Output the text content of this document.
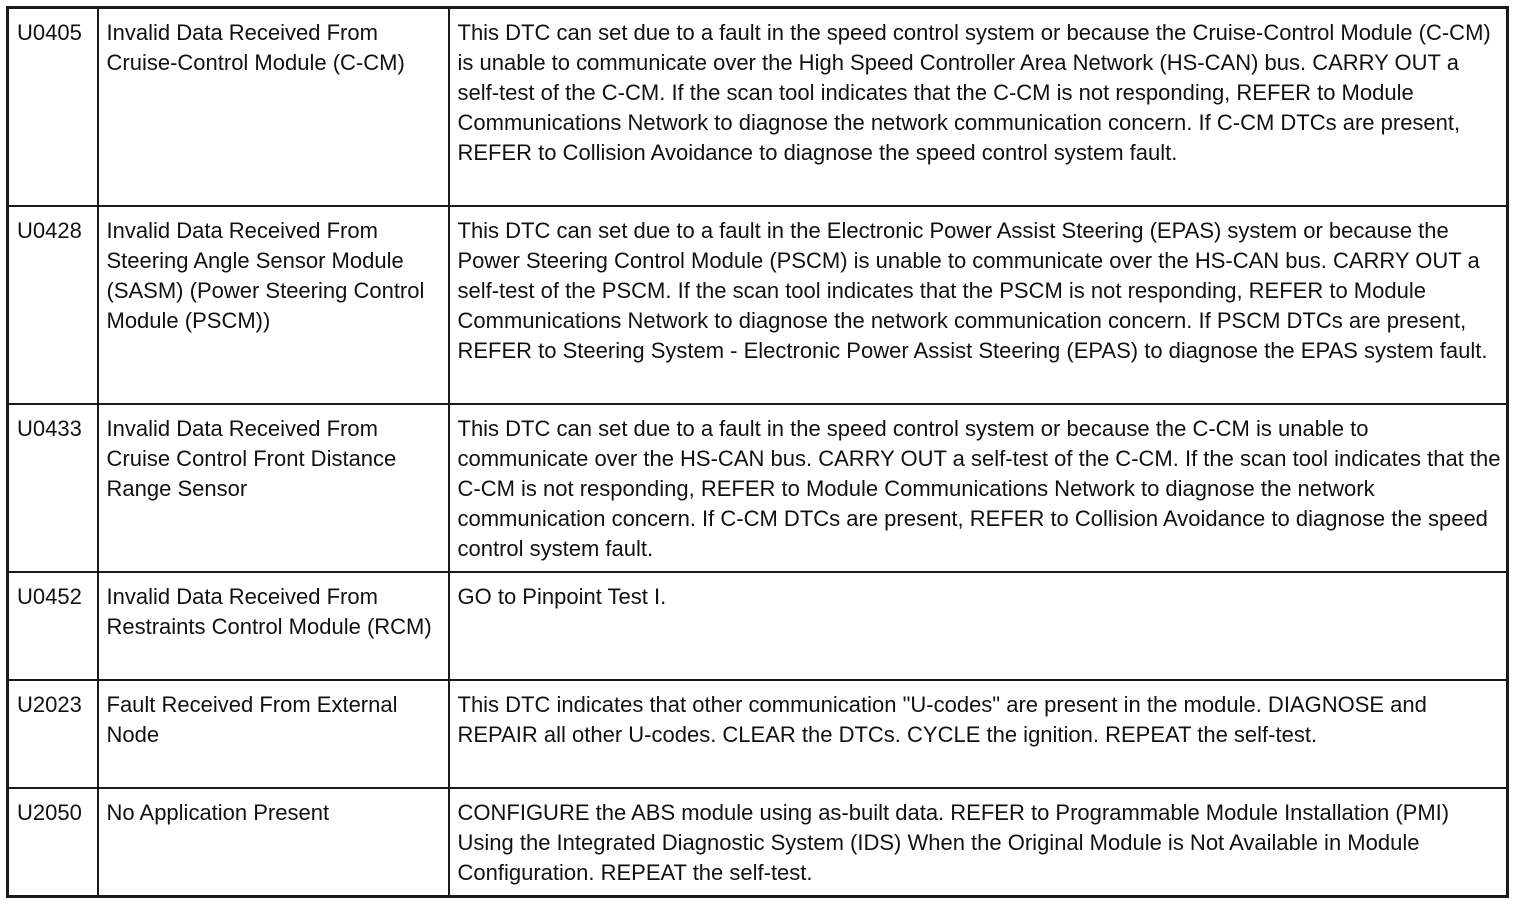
U0405	Invalid Data Received From Cruise-Control Module (C-CM)	This DTC can set due to a fault in the speed control system or because the Cruise-Control Module (C-CM) is unable to communicate over the High Speed Controller Area Network (HS-CAN) bus. CARRY OUT a self-test of the C-CM. If the scan tool indicates that the C-CM is not responding, REFER to Module Communications Network to diagnose the network communication concern. If C-CM DTCs are present, REFER to Collision Avoidance to diagnose the speed control system fault.
U0428	Invalid Data Received From Steering Angle Sensor Module (SASM) (Power Steering Control Module (PSCM))	This DTC can set due to a fault in the Electronic Power Assist Steering (EPAS) system or because the Power Steering Control Module (PSCM) is unable to communicate over the HS-CAN bus. CARRY OUT a self-test of the PSCM. If the scan tool indicates that the PSCM is not responding, REFER to Module Communications Network to diagnose the network communication concern. If PSCM DTCs are present, REFER to Steering System - Electronic Power Assist Steering (EPAS) to diagnose the EPAS system fault.
U0433	Invalid Data Received From Cruise Control Front Distance Range Sensor	This DTC can set due to a fault in the speed control system or because the C-CM is unable to communicate over the HS-CAN bus. CARRY OUT a self-test of the C-CM. If the scan tool indicates that the C-CM is not responding, REFER to Module Communications Network to diagnose the network communication concern. If C-CM DTCs are present, REFER to Collision Avoidance to diagnose the speed control system fault.
U0452	Invalid Data Received From Restraints Control Module (RCM)	GO to Pinpoint Test I.
U2023	Fault Received From External Node	This DTC indicates that other communication "U-codes" are present in the module. DIAGNOSE and REPAIR all other U-codes. CLEAR the DTCs. CYCLE the ignition. REPEAT the self-test.
U2050	No Application Present	CONFIGURE the ABS module using as-built data. REFER to Programmable Module Installation (PMI) Using the Integrated Diagnostic System (IDS) When the Original Module is Not Available in Module Configuration. REPEAT the self-test.
